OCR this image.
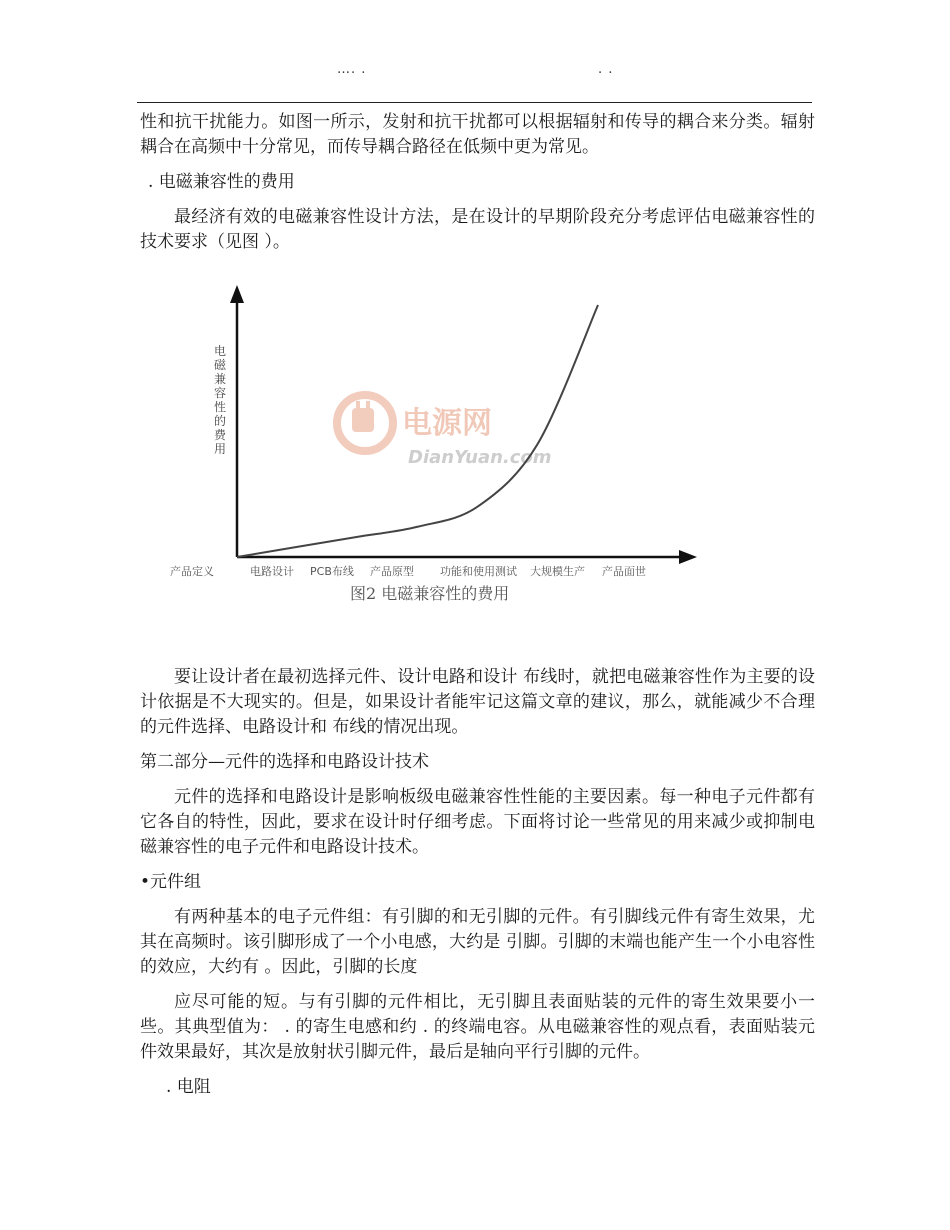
…. .	. .

性和抗干扰能力。如图一所示，发射和抗干扰都可以根据辐射和传导的耦合来分类。辐射耦合在高频中十分常见，而传导耦合路径在低频中更为常见。

. 电磁兼容性的费用

最经济有效的电磁兼容性设计方法，是在设计的早期阶段充分考虑评估电磁兼容性的技术要求（见图 ）。

电源网
DianYuan.com
电磁兼容性的费用
产品定义	电路设计 PCB布线 产品原型 功能和使用测试 大规模生产 产品面世
图2 电磁兼容性的费用

要让设计者在最初选择元件、设计电路和设计 布线时，就把电磁兼容性作为主要的设计依据是不大现实的。但是，如果设计者能牢记这篇文章的建议，那么，就能减少不合理的元件选择、电路设计和 布线的情况出现。

第二部分—元件的选择和电路设计技术

元件的选择和电路设计是影响板级电磁兼容性性能的主要因素。每一种电子元件都有它各自的特性，因此，要求在设计时仔细考虑。下面将讨论一些常见的用来减少或抑制电磁兼容性的电子元件和电路设计技术。

•元件组

有两种基本的电子元件组：有引脚的和无引脚的元件。有引脚线元件有寄生效果，尤其在高频时。该引脚形成了一个小电感，大约是 引脚。引脚的末端也能产生一个小电容性的效应，大约有 。因此，引脚的长度

应尽可能的短。与有引脚的元件相比，无引脚且表面贴装的元件的寄生效果要小一些。其典型值为： . 的寄生电感和约 . 的终端电容。从电磁兼容性的观点看，表面贴装元件效果最好，其次是放射状引脚元件，最后是轴向平行引脚的元件。

. 电阻
